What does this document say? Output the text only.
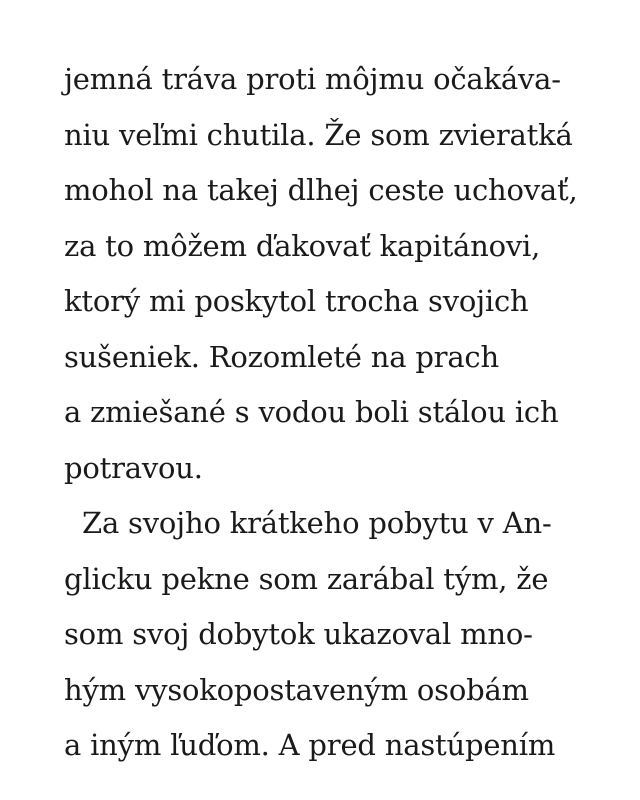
jemná tráva proti môjmu očakáva-
niu veľmi chutila. Že som zvieratká
mohol na takej dlhej ceste uchovať,
za to môžem ďakovať kapitánovi,
ktorý mi poskytol trocha svojich
sušeniek. Rozomleté na prach
a zmiešané s vodou boli stálou ich
potravou.
Za svojho krátkeho pobytu v An-
glicku pekne som zarábal tým, že
som svoj dobytok ukazoval mno-
hým vysokopostaveným osobám
a iným ľuďom. A pred nastúpením
